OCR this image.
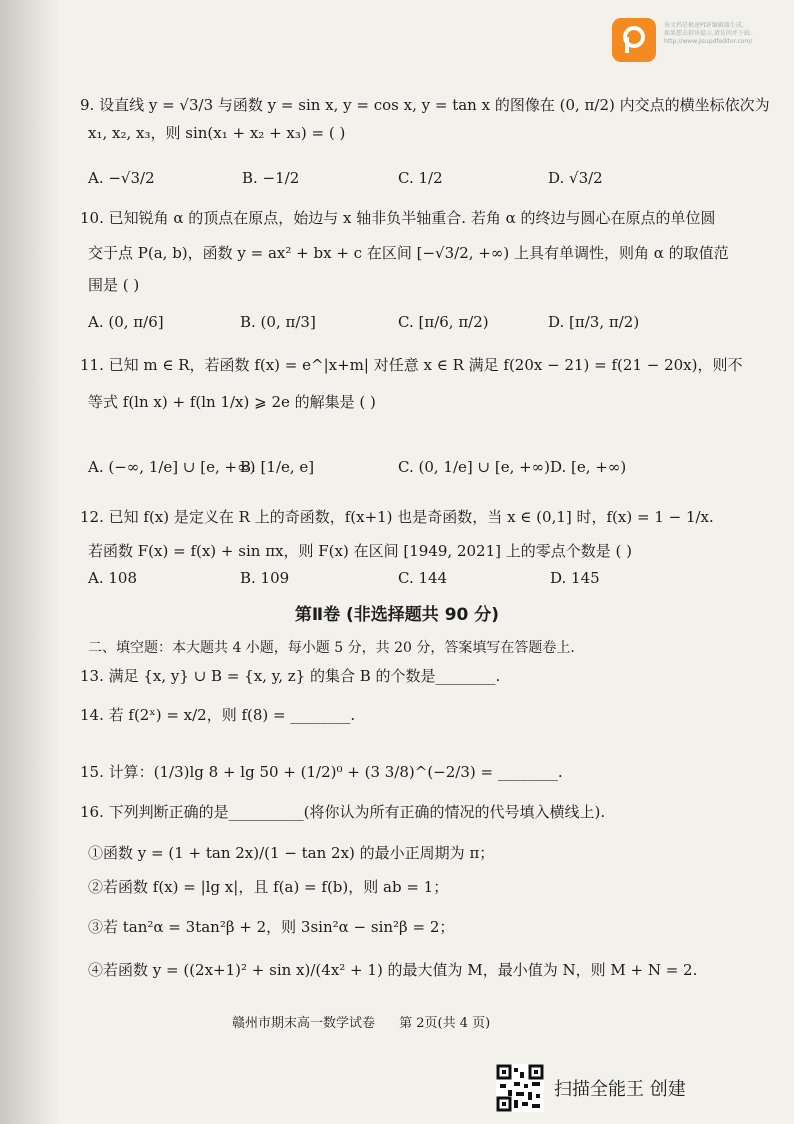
该文档是极速PDF编辑器生成,
如果想去掉该提示,请访问并下载:
http://www.jisupdfeditor.com/
9. 设直线 y = √3/3 与函数 y = sin x, y = cos x, y = tan x 的图像在 (0, π/2) 内交点的横坐标依次为
x₁, x₂, x₃，则 sin(x₁ + x₂ + x₃) = ( )
A. −√3/2	B. −1/2	C. 1/2	D. √3/2
10. 已知锐角 α 的顶点在原点，始边与 x 轴非负半轴重合. 若角 α 的终边与圆心在原点的单位圆
交于点 P(a, b)，函数 y = ax² + bx + c 在区间 [−√3/2, +∞) 上具有单调性，则角 α 的取值范
围是 ( )
A. (0, π/6]	B. (0, π/3]	C. [π/6, π/2)	D. [π/3, π/2)
11. 已知 m ∈ R，若函数 f(x) = e^|x+m| 对任意 x ∈ R 满足 f(20x − 21) = f(21 − 20x)，则不
等式 f(ln x) + f(ln 1/x) ⩾ 2e 的解集是 ( )
A. (−∞, 1/e] ∪ [e, +∞)
B. [1/e, e]	C. (0, 1/e] ∪ [e, +∞) D. [e, +∞)
12. 已知 f(x) 是定义在 R 上的奇函数，f(x+1) 也是奇函数，当 x ∈ (0,1] 时，f(x) = 1 − 1/x.
若函数 F(x) = f(x) + sin πx，则 F(x) 在区间 [1949, 2021] 上的零点个数是 ( )
A. 108	B. 109	C. 144	D. 145
第Ⅱ卷 (非选择题共 90 分)
二、填空题：本大题共 4 小题，每小题 5 分，共 20 分，答案填写在答题卷上.
13. 满足 {x, y} ∪ B = {x, y, z} 的集合 B 的个数是________.
14. 若 f(2ˣ) = x/2，则 f(8) = ________.
15. 计算：(1/3)lg 8 + lg 50 + (1/2)⁰ + (3 3/8)^(−2/3) = ________.
16. 下列判断正确的是__________(将你认为所有正确的情况的代号填入横线上).
①函数 y = (1 + tan 2x)/(1 − tan 2x) 的最小正周期为 π；
②若函数 f(x) = |lg x|，且 f(a) = f(b)，则 ab = 1；
③若 tan²α = 3tan²β + 2，则 3sin²α − sin²β = 2；
④若函数 y = ((2x+1)² + sin x)/(4x² + 1) 的最大值为 M，最小值为 N，则 M + N = 2.
赣州市期末高一数学试卷 第 2页(共 4 页)
扫描全能王 创建
